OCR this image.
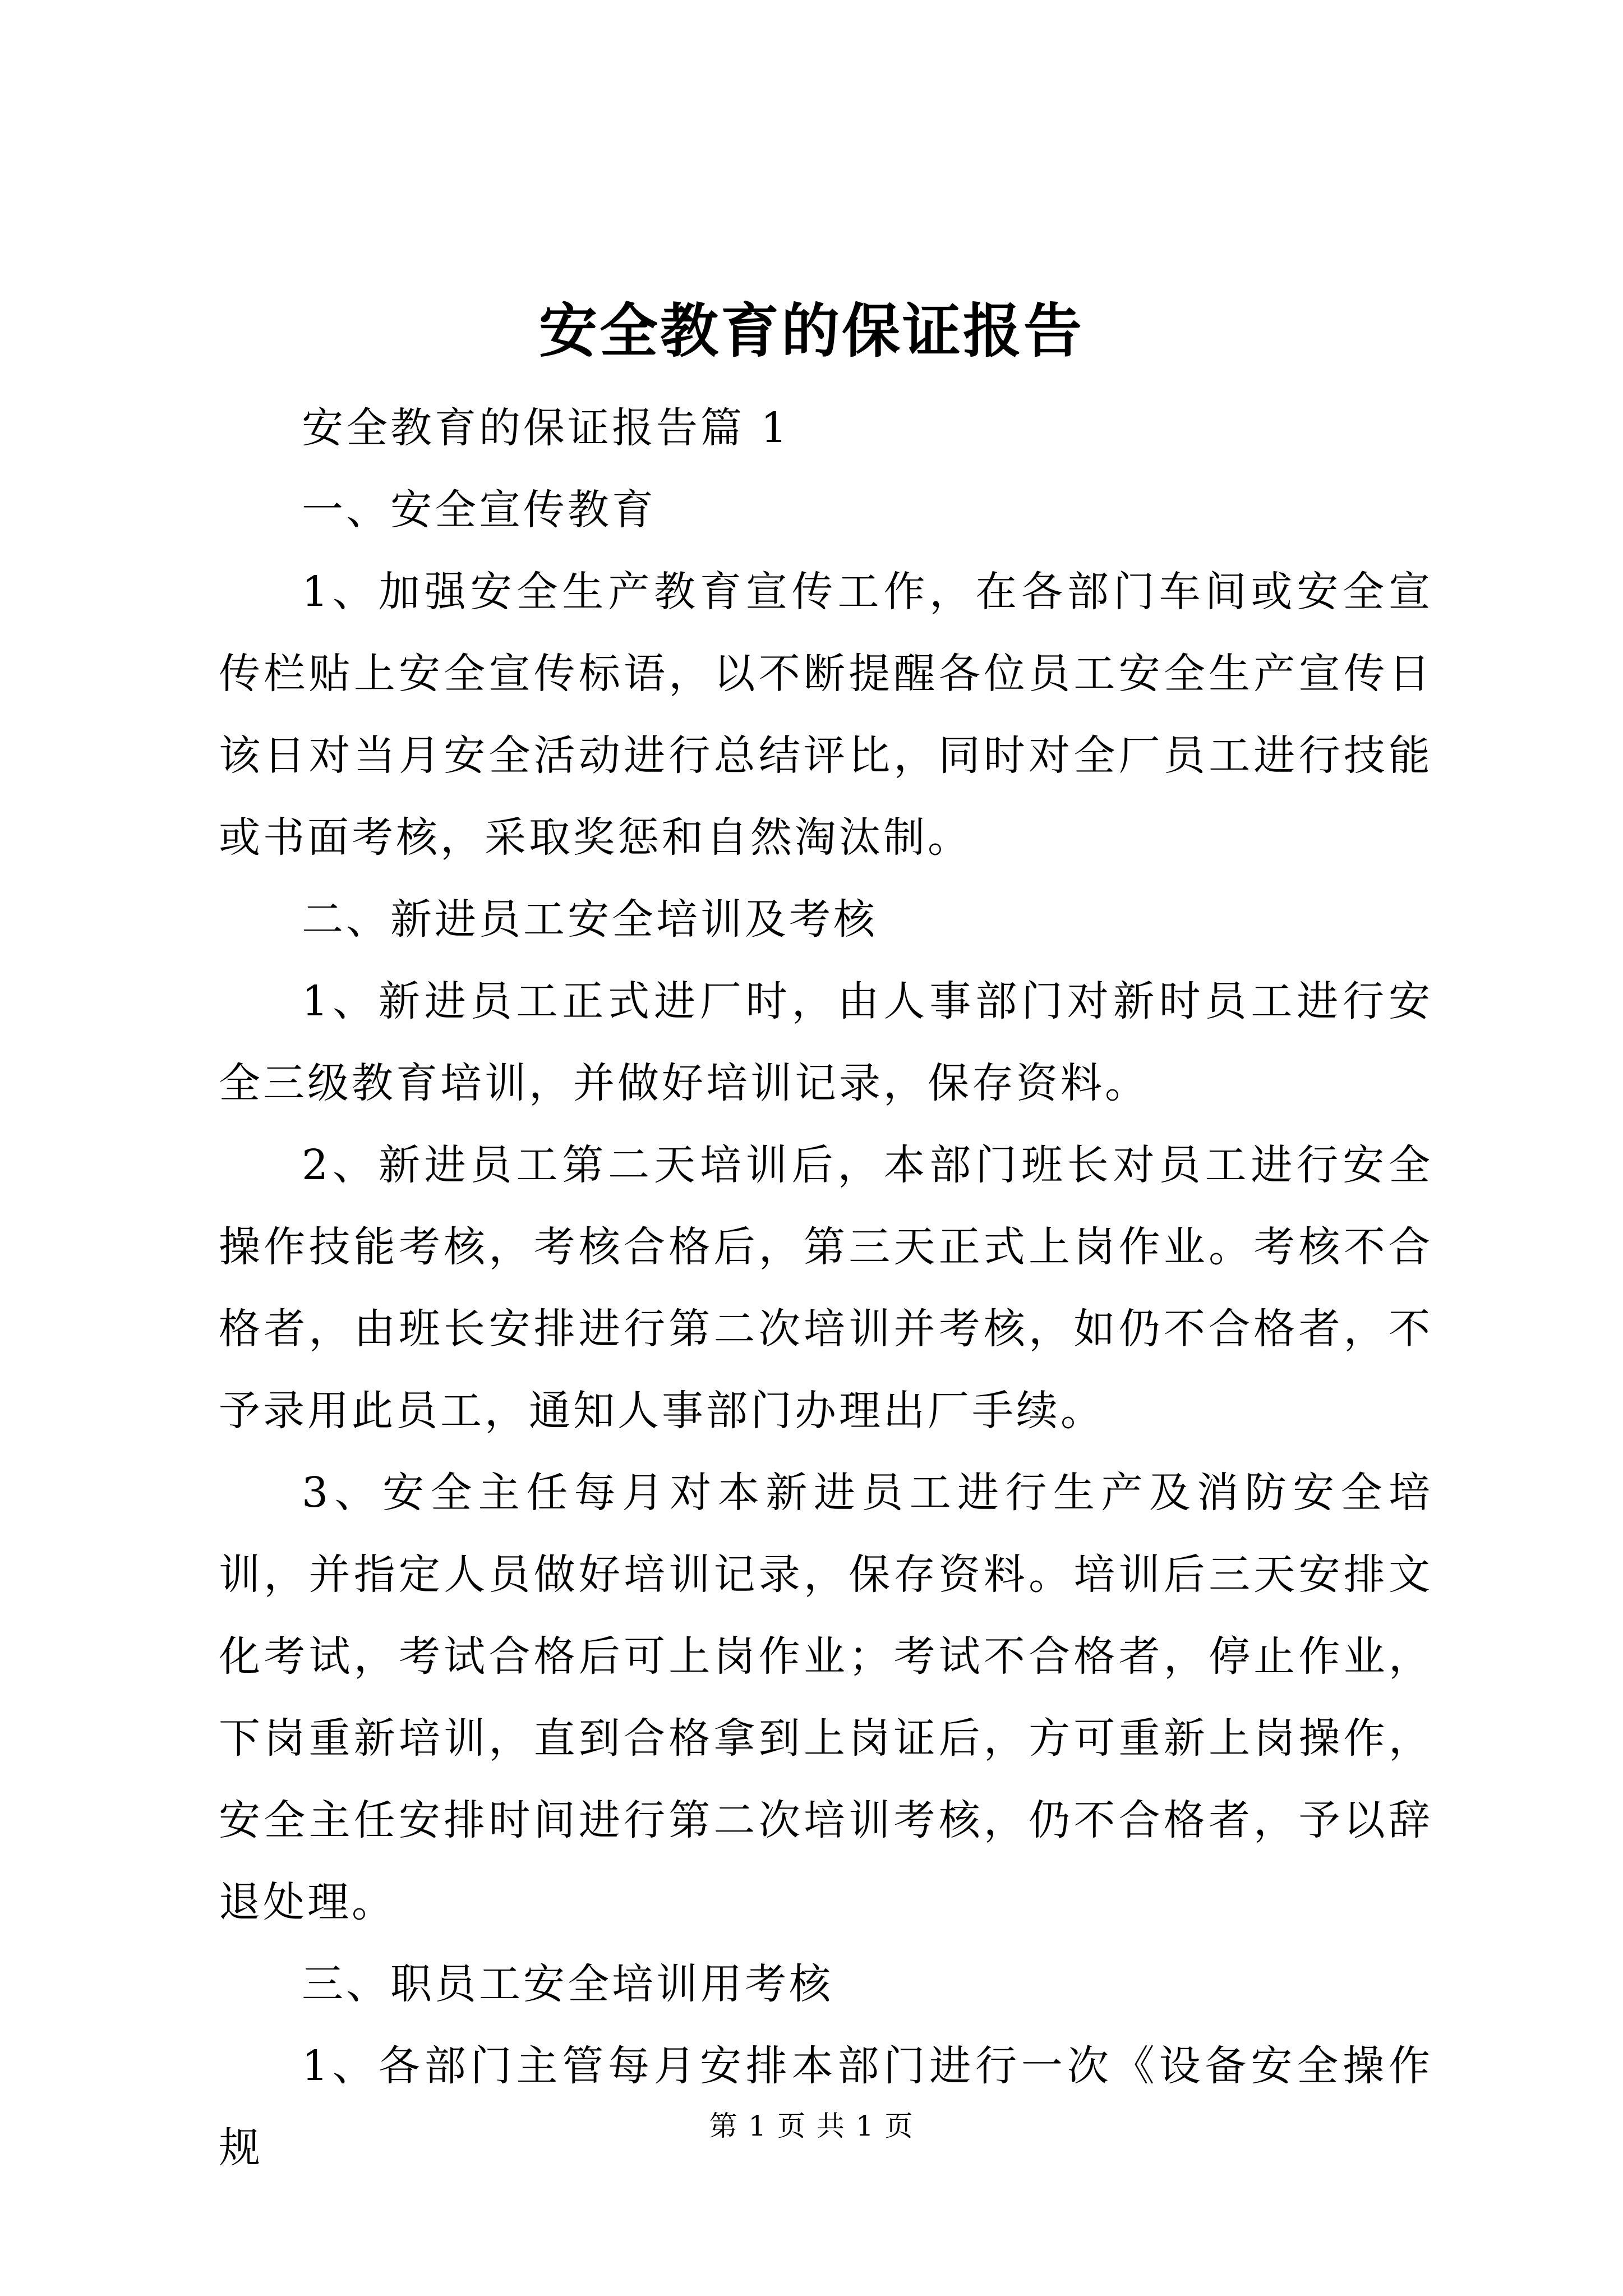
安全教育的保证报告

安全教育的保证报告篇 1

一、安全宣传教育

1、加强安全生产教育宣传工作，在各部门车间或安全宣传栏贴上安全宣传标语，以不断提醒各位员工安全生产宣传日该日对当月安全活动进行总结评比，同时对全厂员工进行技能或书面考核，采取奖惩和自然淘汰制。

二、新进员工安全培训及考核

1、新进员工正式进厂时，由人事部门对新时员工进行安全三级教育培训，并做好培训记录，保存资料。

2、新进员工第二天培训后，本部门班长对员工进行安全操作技能考核，考核合格后，第三天正式上岗作业。考核不合格者，由班长安排进行第二次培训并考核，如仍不合格者，不予录用此员工，通知人事部门办理出厂手续。

3、安全主任每月对本新进员工进行生产及消防安全培训，并指定人员做好培训记录，保存资料。培训后三天安排文化考试，考试合格后可上岗作业；考试不合格者，停止作业，下岗重新培训，直到合格拿到上岗证后，方可重新上岗操作，安全主任安排时间进行第二次培训考核，仍不合格者，予以辞退处理。

三、职员工安全培训用考核

1、各部门主管每月安排本部门进行一次《设备安全操作规	第 1 页 共 1 页
